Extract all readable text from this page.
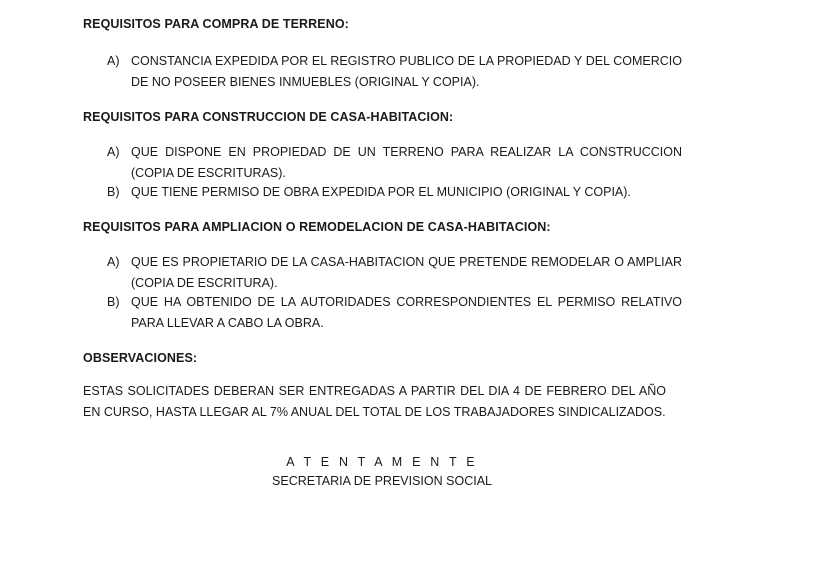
REQUISITOS PARA COMPRA DE TERRENO:
A) CONSTANCIA EXPEDIDA POR EL REGISTRO PUBLICO DE LA PROPIEDAD Y DEL COMERCIO DE NO POSEER BIENES INMUEBLES (ORIGINAL Y COPIA).
REQUISITOS PARA CONSTRUCCION DE CASA-HABITACION:
A) QUE DISPONE EN PROPIEDAD DE UN TERRENO PARA REALIZAR LA CONSTRUCCION (COPIA DE ESCRITURAS).
B) QUE TIENE PERMISO DE OBRA EXPEDIDA POR EL MUNICIPIO (ORIGINAL Y COPIA).
REQUISITOS PARA AMPLIACION O REMODELACION DE CASA-HABITACION:
A) QUE ES PROPIETARIO DE LA CASA-HABITACION QUE PRETENDE REMODELAR O AMPLIAR (COPIA DE ESCRITURA).
B) QUE HA OBTENIDO DE LA AUTORIDADES CORRESPONDIENTES EL PERMISO RELATIVO PARA LLEVAR A CABO LA OBRA.
OBSERVACIONES:
ESTAS SOLICITADES DEBERAN SER ENTREGADAS A PARTIR DEL DIA 4 DE FEBRERO DEL AÑO EN CURSO, HASTA LLEGAR AL 7% ANUAL DEL TOTAL DE LOS TRABAJADORES SINDICALIZADOS.
A T E N T A M E N T E
SECRETARIA DE PREVISION SOCIAL
